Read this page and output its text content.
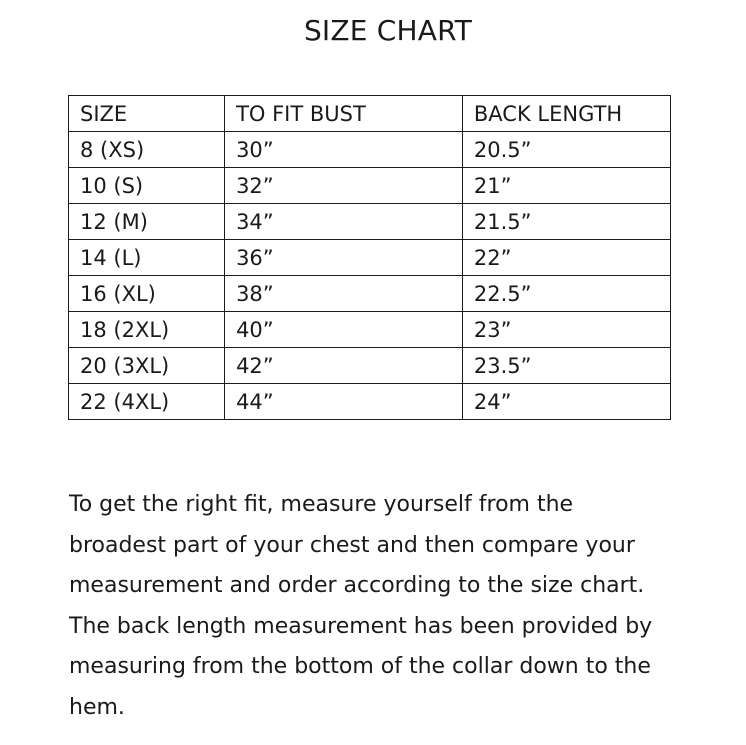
SIZE CHART
SIZE	TO FIT BUST	BACK LENGTH
8 (XS)	30”	20.5”
10 (S)	32”	21”
12 (M)	34”	21.5”
14 (L)	36”	22”
16 (XL)	38”	22.5”
18 (2XL)	40”	23”
20 (3XL)	42”	23.5”
22 (4XL)	44”	24”
To get the right fit, measure yourself from the
broadest part of your chest and then compare your
measurement and order according to the size chart.
The back length measurement has been provided by
measuring from the bottom of the collar down to the
hem.
